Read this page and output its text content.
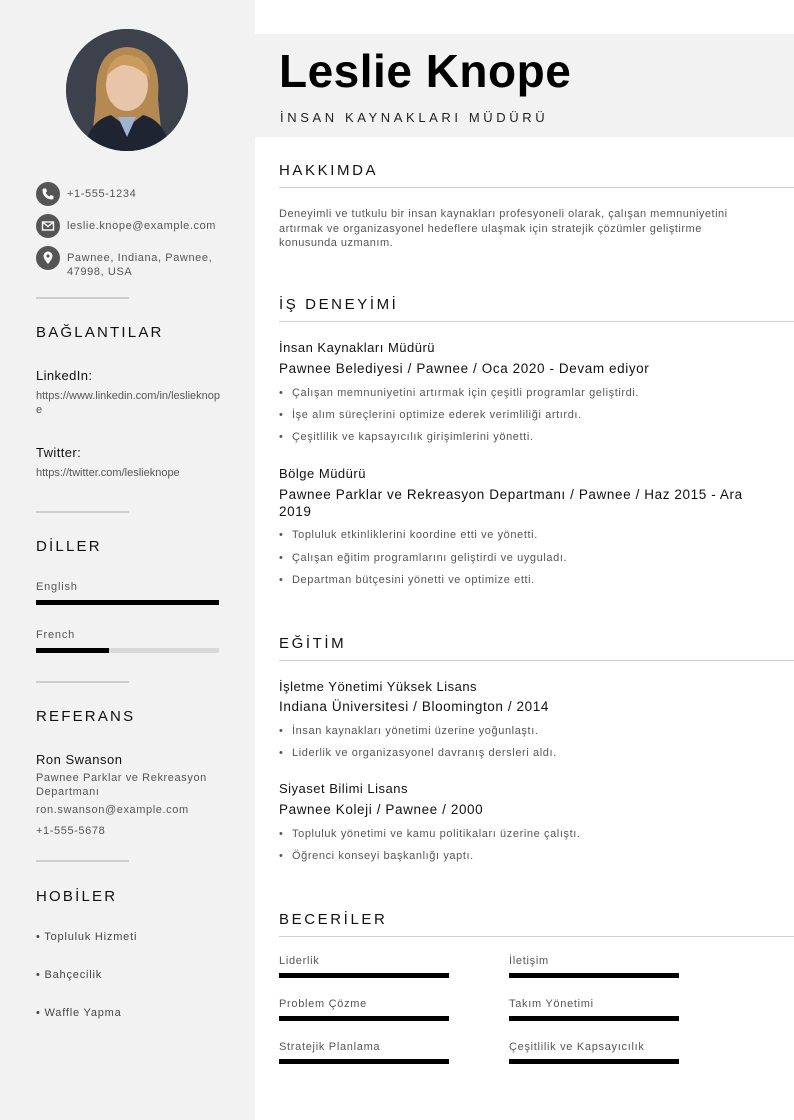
+1-555-1234
leslie.knope@example.com
Pawnee, Indiana, Pawnee, 47998, USA
BAĞLANTILAR
LinkedIn:
https://www.linkedin.com/in/leslieknope
Twitter:
https://twitter.com/leslieknope
DİLLER
English
French
REFERANS
Ron Swanson
Pawnee Parklar ve Rekreasyon Departmanı
ron.swanson@example.com
+1-555-5678
HOBİLER
• Topluluk Hizmeti
• Bahçecilik
• Waffle Yapma
Leslie Knope
İNSAN KAYNAKLARI MÜDÜRÜ
HAKKIMDA
Deneyimli ve tutkulu bir insan kaynakları profesyoneli olarak, çalışan memnuniyetini artırmak ve organizasyonel hedeflere ulaşmak için stratejik çözümler geliştirme konusunda uzmanım.
İŞ DENEYİMİ
İnsan Kaynakları Müdürü
Pawnee Belediyesi / Pawnee / Oca 2020 - Devam ediyor
• Çalışan memnuniyetini artırmak için çeşitli programlar geliştirdi.
• İşe alım süreçlerini optimize ederek verimliliği artırdı.
• Çeşitlilik ve kapsayıcılık girişimlerini yönetti.
Bölge Müdürü
Pawnee Parklar ve Rekreasyon Departmanı / Pawnee / Haz 2015 - Ara 2019
• Topluluk etkinliklerini koordine etti ve yönetti.
• Çalışan eğitim programlarını geliştirdi ve uyguladı.
• Departman bütçesini yönetti ve optimize etti.
EĞİTİM
İşletme Yönetimi Yüksek Lisans
Indiana Üniversitesi / Bloomington / 2014
• İnsan kaynakları yönetimi üzerine yoğunlaştı.
• Liderlik ve organizasyonel davranış dersleri aldı.
Siyaset Bilimi Lisans
Pawnee Koleji / Pawnee / 2000
• Topluluk yönetimi ve kamu politikaları üzerine çalıştı.
• Öğrenci konseyi başkanlığı yaptı.
BECERİLER
Liderlik	İletişim
Problem Çözme	Takım Yönetimi
Stratejik Planlama	Çeşitlilik ve Kapsayıcılık
